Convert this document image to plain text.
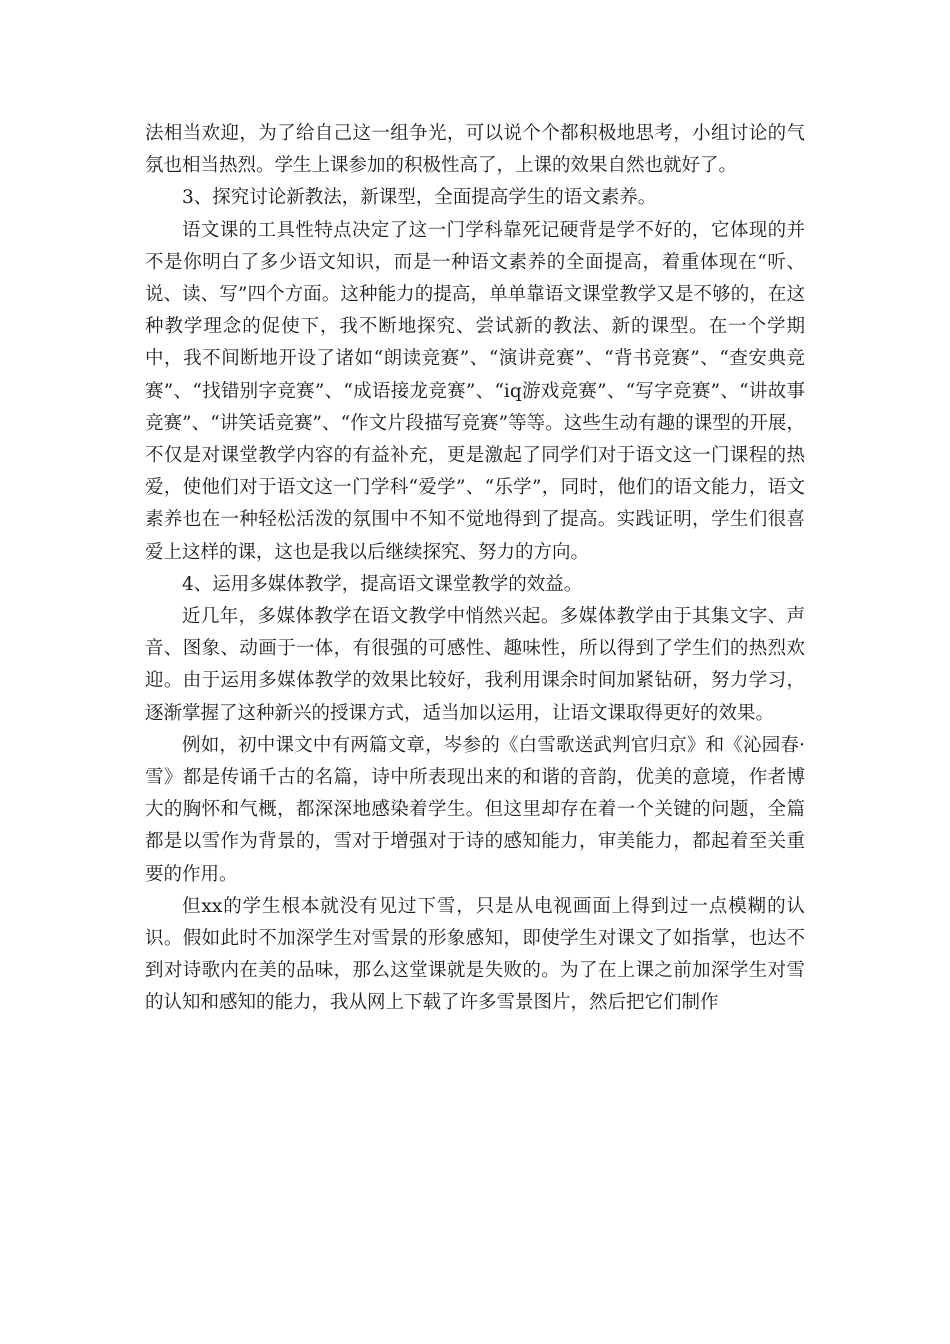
法相当欢迎，为了给自己这一组争光，可以说个个都积极地思考，小组讨论的气氛也相当热烈。学生上课参加的积极性高了，上课的效果自然也就好了。

3、探究讨论新教法，新课型，全面提高学生的语文素养。

语文课的工具性特点决定了这一门学科靠死记硬背是学不好的，它体现的并不是你明白了多少语文知识，而是一种语文素养的全面提高，着重体现在“听、说、读、写”四个方面。这种能力的提高，单单靠语文课堂教学又是不够的，在这种教学理念的促使下，我不断地探究、尝试新的教法、新的课型。在一个学期中，我不间断地开设了诸如“朗读竞赛”、“演讲竞赛”、“背书竞赛”、“查安典竞赛”、“找错别字竞赛”、“成语接龙竞赛”、“iq游戏竞赛”、“写字竞赛”、“讲故事竞赛”、“讲笑话竞赛”、“作文片段描写竞赛”等等。这些生动有趣的课型的开展，不仅是对课堂教学内容的有益补充，更是激起了同学们对于语文这一门课程的热爱，使他们对于语文这一门学科“爱学”、“乐学”，同时，他们的语文能力，语文素养也在一种轻松活泼的氛围中不知不觉地得到了提高。实践证明，学生们很喜爱上这样的课，这也是我以后继续探究、努力的方向。

4、运用多媒体教学，提高语文课堂教学的效益。

近几年，多媒体教学在语文教学中悄然兴起。多媒体教学由于其集文字、声音、图象、动画于一体，有很强的可感性、趣味性，所以得到了学生们的热烈欢迎。由于运用多媒体教学的效果比较好，我利用课余时间加紧钻研，努力学习，逐渐掌握了这种新兴的授课方式，适当加以运用，让语文课取得更好的效果。

例如，初中课文中有两篇文章，岑参的《白雪歌送武判官归京》和《沁园春·雪》都是传诵千古的名篇，诗中所表现出来的和谐的音韵，优美的意境，作者博大的胸怀和气概，都深深地感染着学生。但这里却存在着一个关键的问题，全篇都是以雪作为背景的，雪对于增强对于诗的感知能力，审美能力，都起着至关重要的作用。

但xx的学生根本就没有见过下雪，只是从电视画面上得到过一点模糊的认识。假如此时不加深学生对雪景的形象感知，即使学生对课文了如指掌，也达不到对诗歌内在美的品味，那么这堂课就是失败的。为了在上课之前加深学生对雪的认知和感知的能力，我从网上下载了许多雪景图片，然后把它们制作
